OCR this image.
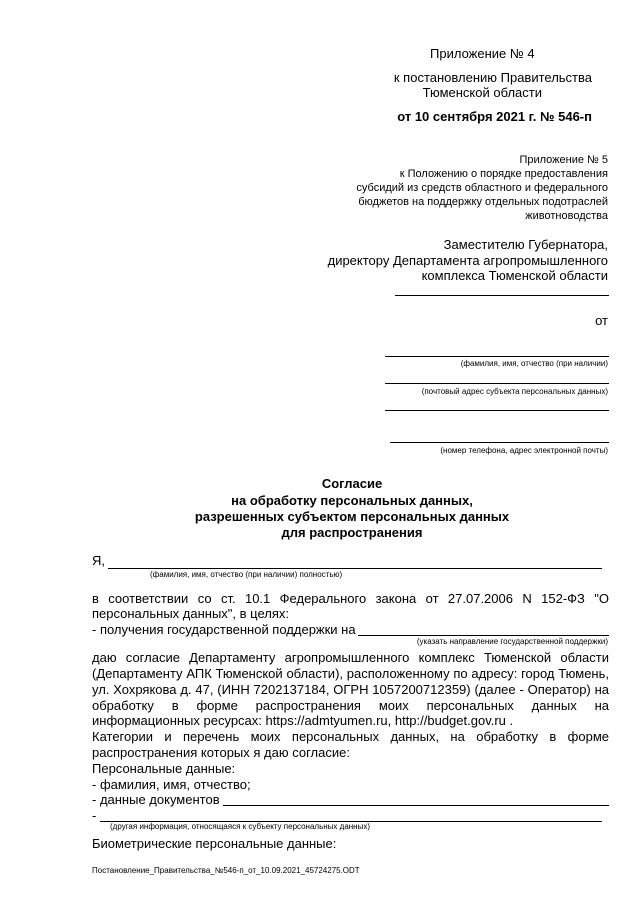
Приложение № 4
к постановлению Правительства
Тюменской области
от 10 сентября 2021 г. № 546-п
Приложение № 5
к Положению о порядке предоставления
субсидий из средств областного и федерального
бюджетов на поддержку отдельных подотраслей
животноводства
Заместителю Губернатора,
директору Департамента агропромышленного
комплекса Тюменской области
от
(фамилия, имя, отчество (при наличии)
(почтовый адрес субъекта персональных данных)
(номер телефона, адрес электронной почты)
Согласие
на обработку персональных данных,
разрешенных субъектом персональных данных
для распространения
Я,
(фамилия, имя, отчество (при наличии) полностью)
в соответствии со ст. 10.1 Федерального закона от 27.07.2006 N 152-ФЗ "О
персональных данных", в целях:
- получения государственной поддержки на
(указать направление государственной поддержки)
даю согласие Департаменту агропромышленного комплекс Тюменской области
(Департаменту АПК Тюменской области), расположенному по адресу: город Тюмень,
ул. Хохрякова д. 47, (ИНН 7202137184, ОГРН 1057200712359) (далее - Оператор) на
обработку в форме распространения моих персональных данных на
информационных ресурсах: https://admtyumen.ru, http://budget.gov.ru .
Категории и перечень моих персональных данных, на обработку в форме
распространения которых я даю согласие:
Персональные данные:
- фамилия, имя, отчество;
- данные документов
-
(другая информация, относящаяся к субъекту персональных данных)
Биометрические персональные данные:
Постановление_Правительства_№546-п_от_10.09.2021_45724275.ODT
